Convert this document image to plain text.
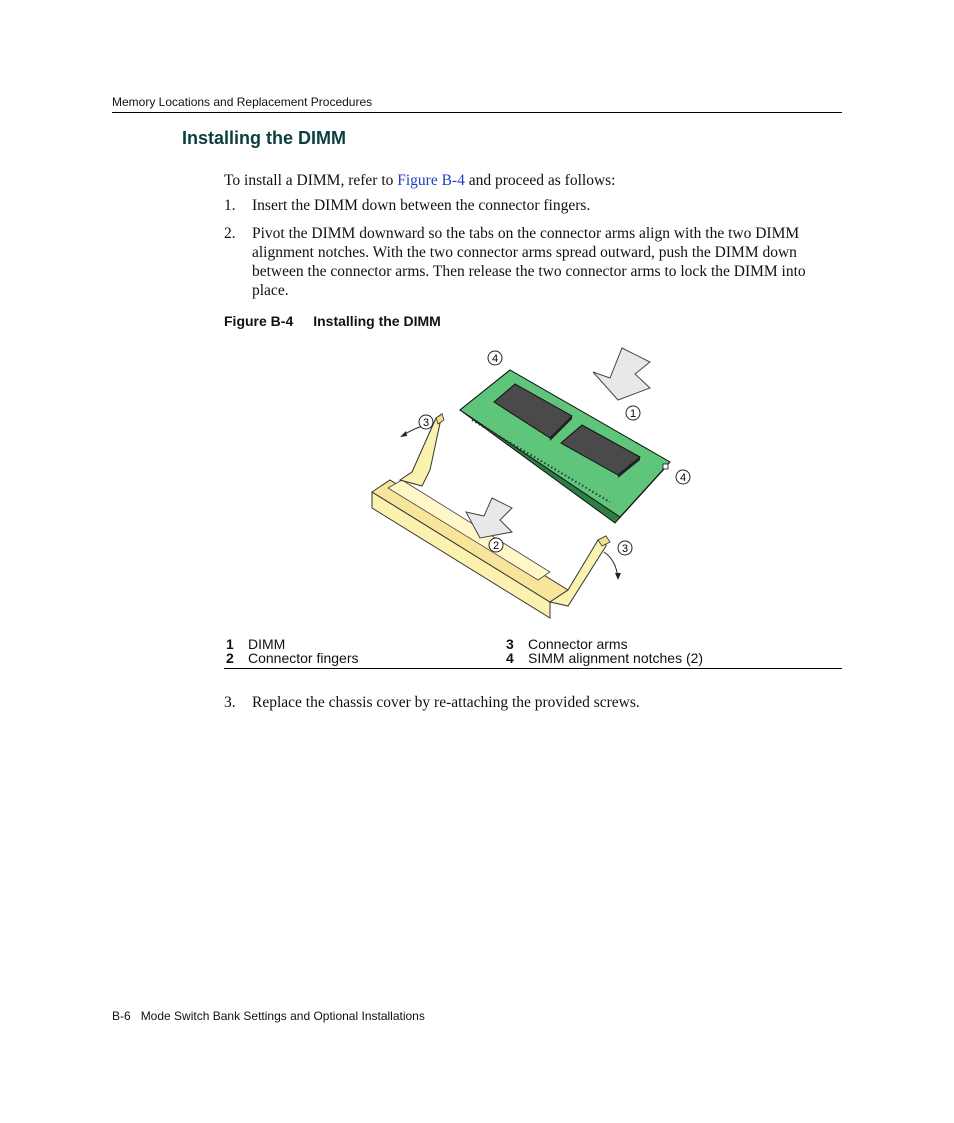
Memory Locations and Replacement Procedures
Installing the DIMM

To install a DIMM, refer to Figure B-4 and proceed as follows:

1. Insert the DIMM down between the connector fingers.
2. Pivot the DIMM downward so the tabs on the connector arms align with the two DIMM alignment notches. With the two connector arms spread outward, push the DIMM down between the connector arms. Then release the two connector arms to lock the DIMM into place.
Figure B-4 Installing the DIMM
4
1
3
4
2	3
1 DIMM
2 Connector fingers
3 Connector arms
4 SIMM alignment notches (2)
3. Replace the chassis cover by re-attaching the provided screws.
B-6 Mode Switch Bank Settings and Optional Installations
